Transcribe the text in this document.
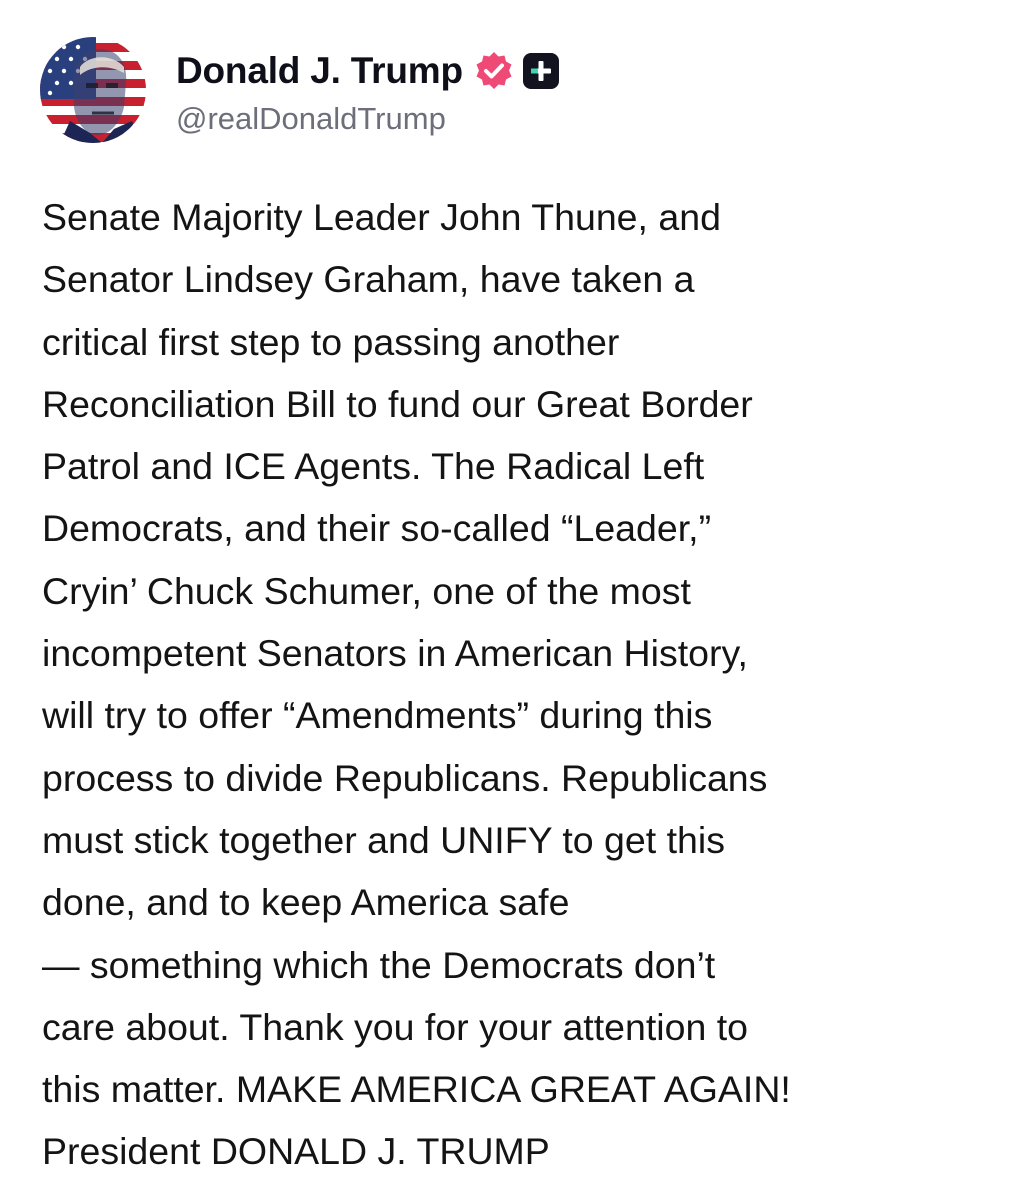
Donald J. Trump
@realDonaldTrump
Senate Majority Leader John Thune, and
Senator Lindsey Graham, have taken a
critical first step to passing another
Reconciliation Bill to fund our Great Border
Patrol and ICE Agents. The Radical Left
Democrats, and their so-called “Leader,”
Cryin’ Chuck Schumer, one of the most
incompetent Senators in American History,
will try to offer “Amendments” during this
process to divide Republicans. Republicans
must stick together and UNIFY to get this
done, and to keep America safe
— something which the Democrats don’t
care about. Thank you for your attention to
this matter. MAKE AMERICA GREAT AGAIN!
President DONALD J. TRUMP
